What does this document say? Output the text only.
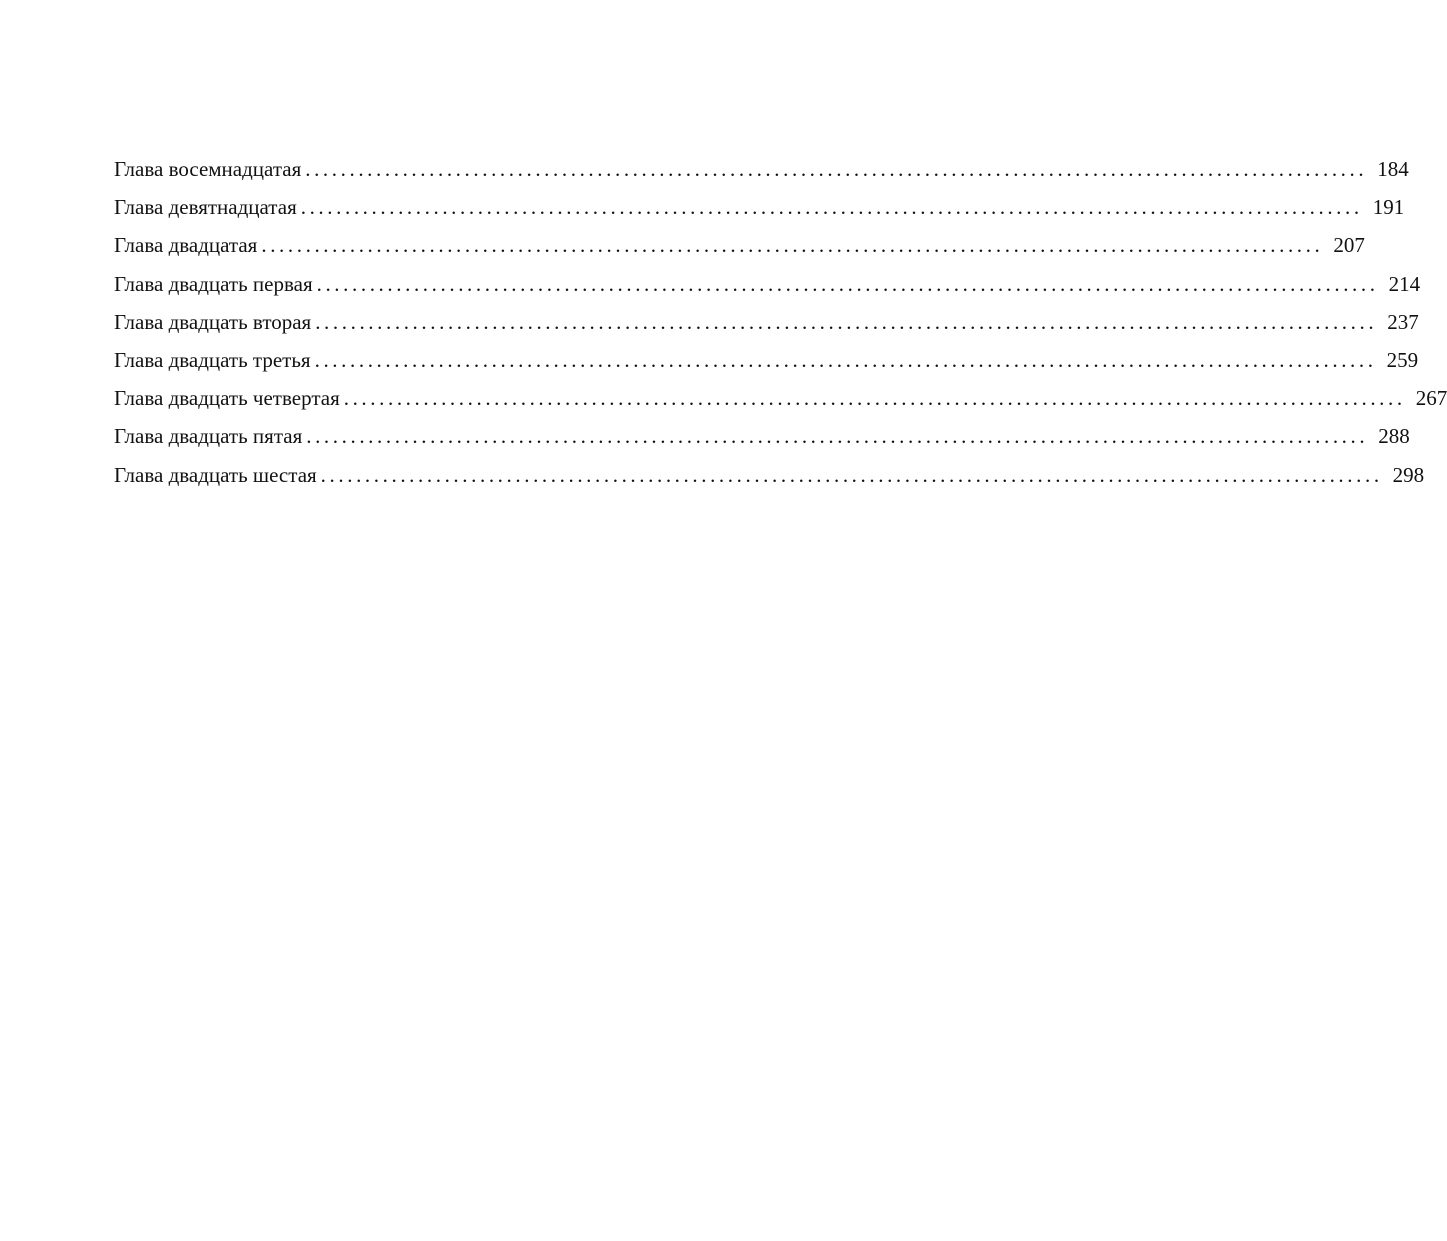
Глава восемнадцатая ........................................................................................................................ 184
Глава девятнадцатая ........................................................................................................................ 191
Глава двадцатая ........................................................................................................................ 207
Глава двадцать первая ........................................................................................................................ 214
Глава двадцать вторая ........................................................................................................................ 237
Глава двадцать третья ........................................................................................................................ 259
Глава двадцать четвертая ........................................................................................................................ 267
Глава двадцать пятая ........................................................................................................................ 288
Глава двадцать шестая ........................................................................................................................ 298
